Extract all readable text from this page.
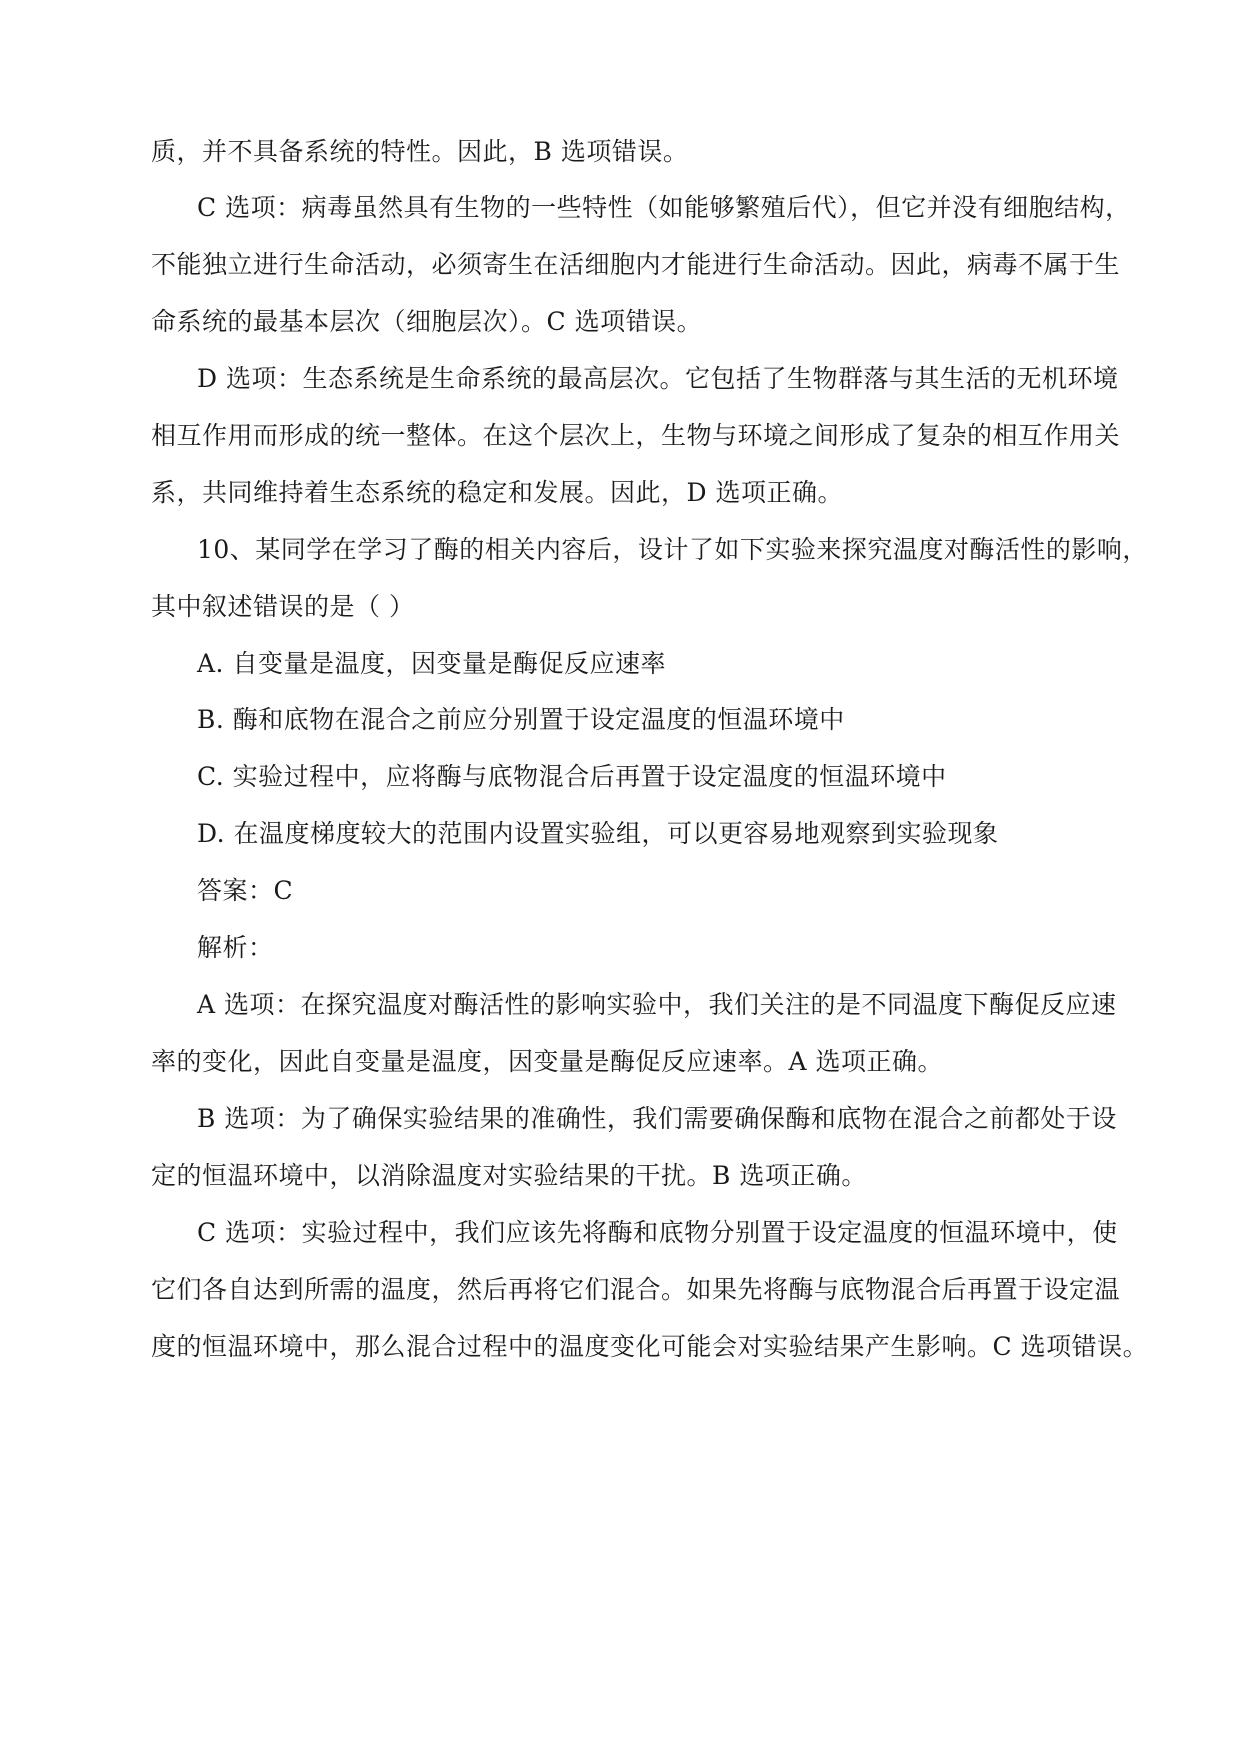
质，并不具备系统的特性。因此，B 选项错误。
C 选项：病毒虽然具有生物的一些特性（如能够繁殖后代），但它并没有细胞结构，
不能独立进行生命活动，必须寄生在活细胞内才能进行生命活动。因此，病毒不属于生
命系统的最基本层次（细胞层次）。C 选项错误。
D 选项：生态系统是生命系统的最高层次。它包括了生物群落与其生活的无机环境
相互作用而形成的统一整体。在这个层次上，生物与环境之间形成了复杂的相互作用关
系，共同维持着生态系统的稳定和发展。因此，D 选项正确。
10、某同学在学习了酶的相关内容后，设计了如下实验来探究温度对酶活性的影响，
其中叙述错误的是（ ）
A. 自变量是温度，因变量是酶促反应速率
B. 酶和底物在混合之前应分别置于设定温度的恒温环境中
C. 实验过程中，应将酶与底物混合后再置于设定温度的恒温环境中
D. 在温度梯度较大的范围内设置实验组，可以更容易地观察到实验现象
答案：C
解析：
A 选项：在探究温度对酶活性的影响实验中，我们关注的是不同温度下酶促反应速
率的变化，因此自变量是温度，因变量是酶促反应速率。A 选项正确。
B 选项：为了确保实验结果的准确性，我们需要确保酶和底物在混合之前都处于设
定的恒温环境中，以消除温度对实验结果的干扰。B 选项正确。
C 选项：实验过程中，我们应该先将酶和底物分别置于设定温度的恒温环境中，使
它们各自达到所需的温度，然后再将它们混合。如果先将酶与底物混合后再置于设定温
度的恒温环境中，那么混合过程中的温度变化可能会对实验结果产生影响。C 选项错误。
